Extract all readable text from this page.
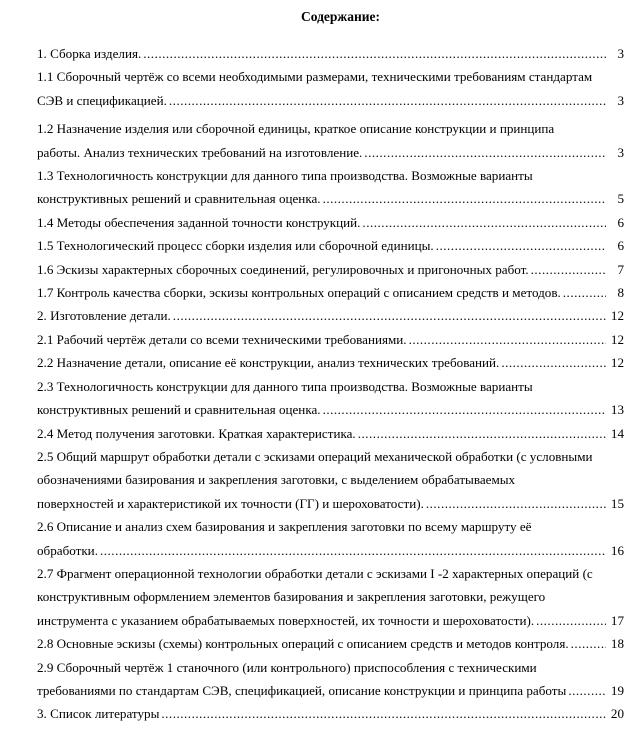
Содержание:
1. Сборка изделия. .....	3
1.1 Сборочный чертёж со всеми необходимыми размерами, техническими требованиям стандартам
СЭВ и спецификацией. .....	3
1.2 Назначение изделия или сборочной единицы, краткое описание конструкции и принципа
работы. Анализ технических требований на изготовление. .....	3
1.3 Технологичность конструкции для данного типа производства. Возможные варианты
конструктивных решений и сравнительная оценка. .....	5
1.4 Методы обеспечения заданной точности конструкций. .....	6
1.5 Технологический процесс сборки изделия или сборочной единицы. .....	6
1.6 Эскизы характерных сборочных соединений, регулировочных и пригоночных работ. .....	7
1.7 Контроль качества сборки, эскизы контрольных операций с описанием средств и методов. .....	8
2. Изготовление детали. .....	12
2.1 Рабочий чертёж детали со всеми техническими требованиями. .....	12
2.2 Назначение детали, описание её конструкции, анализ технических требований. .....	12
2.3 Технологичность конструкции для данного типа производства. Возможные варианты
конструктивных решений и сравнительная оценка. .....	13
2.4 Метод получения заготовки. Краткая характеристика. .....	14
2.5 Общий маршрут обработки детали с эскизами операций механической обработки (с условными
обозначениями базирования и закрепления заготовки, с выделением обрабатываемых
поверхностей и характеристикой их точности (ГГ) и шероховатости). .....	15
2.6 Описание и анализ схем базирования и закрепления заготовки по всему маршруту её
обработки. .....	16
2.7 Фрагмент операционной технологии обработки детали с эскизами I -2 характерных операций (с
конструктивным оформлением элементов базирования и закрепления заготовки, режущего
инструмента с указанием обрабатываемых поверхностей, их точности и шероховатости). .....	17
2.8 Основные эскизы (схемы) контрольных операций с описанием средств и методов контроля. .....	18
2.9 Сборочный чертёж 1 станочного (или контрольного) приспособления с техническими
требованиями по стандартам СЭВ, спецификацией, описание конструкции и принципа работы .....	19
3. Список литературы .....	20
